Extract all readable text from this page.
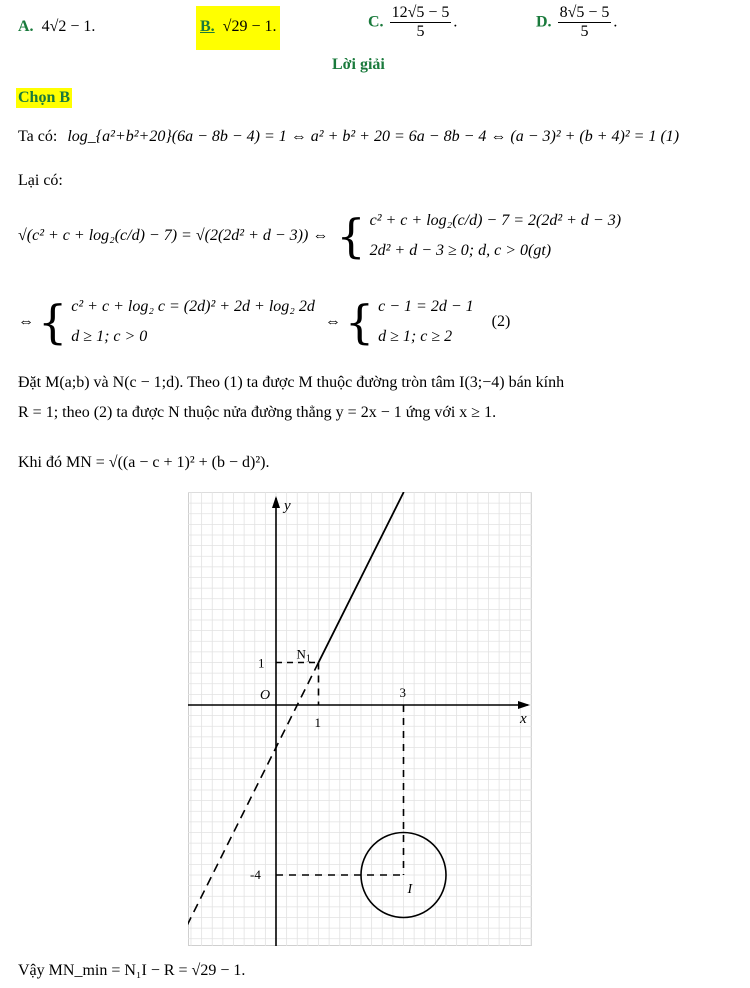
A. 4√2 − 1.	B. √29 − 1.	C. $\frac{12√5 - 5}{5}$ .	D. $\frac{8√5 - 5}{5}$ .
Lời giải
Chọn B
Ta có: log_{a²+b²+20}(6a − 8b − 4) = 1 ⇔ a² + b² + 20 = 6a − 8b − 4 ⇔ (a − 3)² + (b + 4)² = 1 (1)
Lại có:
√(c² + c + log₂(c/d) − 7) = √(2(2d² + d − 3)) ⇔ { c² + c + log₂(c/d) − 7 = 2(2d² + d − 3)
2d² + d − 3 ≥ 0; d, c > 0(gt)
⇔ { c² + c + log₂ c = (2d)² + 2d + log₂ 2d
d ≥ 1; c > 0
⇔ { c − 1 = 2d − 1
d ≥ 1; c ≥ 2
(2)
Đặt M(a;b) và N(c − 1;d). Theo (1) ta được M thuộc đường tròn tâm I(3;−4) bán kính
R = 1; theo (2) ta được N thuộc nửa đường thẳng y = 2x − 1 ứng với x ≥ 1.
Khi đó MN = √((a − c + 1)² + (b − d)²).
y
x
O
1
1
3
-4
$N_1$
I
Vậy MN_min = N₁I − R = √29 − 1.
